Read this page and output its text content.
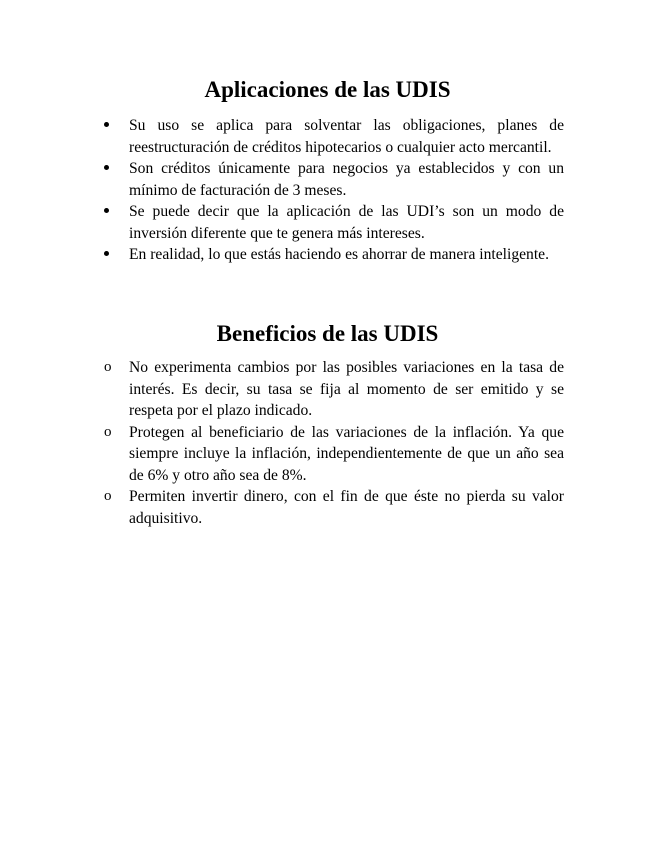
Aplicaciones de las UDIS
Su uso se aplica para solventar las obligaciones, planes de reestructuración de créditos hipotecarios o cualquier acto mercantil.
Son créditos únicamente para negocios ya establecidos y con un mínimo de facturación de 3 meses.
Se puede decir que la aplicación de las UDI’s son un modo de inversión diferente que te genera más intereses.
En realidad, lo que estás haciendo es ahorrar de manera inteligente.
Beneficios de las UDIS
o	No experimenta cambios por las posibles variaciones en la tasa de interés. Es decir, su tasa se fija al momento de ser emitido y se respeta por el plazo indicado.
o	Protegen al beneficiario de las variaciones de la inflación. Ya que siempre incluye la inflación, independientemente de que un año sea de 6% y otro año sea de 8%.
o	Permiten invertir dinero, con el fin de que éste no pierda su valor adquisitivo.
